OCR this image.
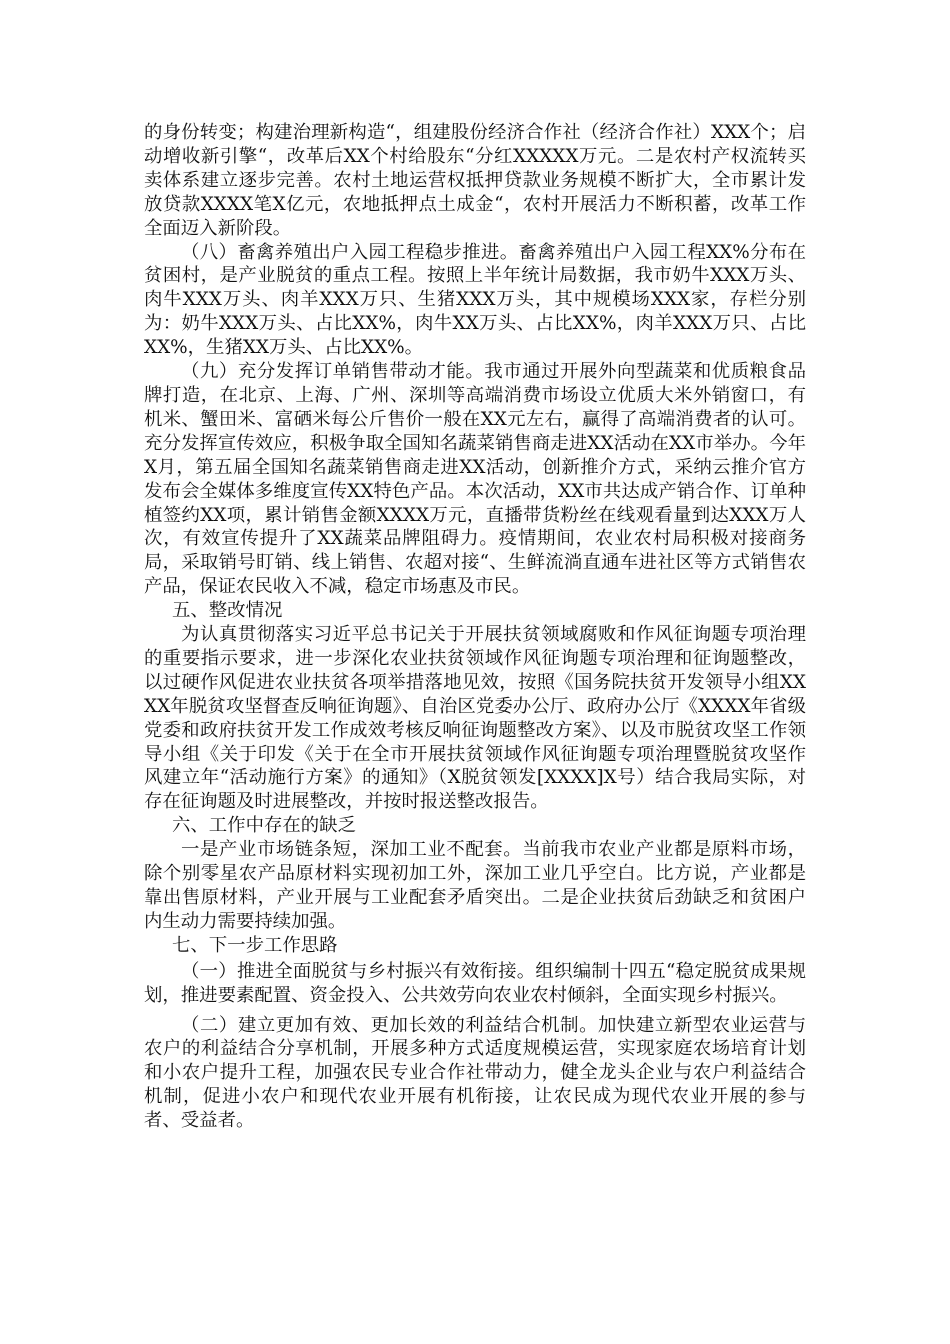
的身份转变；构建治理新构造“，组建股份经济合作社（经济合作社）XXX个；启动增收新引擎“，改革后XX个村给股东“分红XXXXX万元。二是农村产权流转买卖体系建立逐步完善。农村土地运营权抵押贷款业务规模不断扩大，全市累计发放贷款XXXX笔X亿元，农地抵押点土成金“，农村开展活力不断积蓄，改革工作全面迈入新阶段。

（八）畜禽养殖出户入园工程稳步推进。畜禽养殖出户入园工程XX%分布在贫困村，是产业脱贫的重点工程。按照上半年统计局数据，我市奶牛XXX万头、肉牛XXX万头、肉羊XXX万只、生猪XXX万头，其中规模场XXX家，存栏分别为：奶牛XXX万头、占比XX%，肉牛XX万头、占比XX%，肉羊XXX万只、占比XX%，生猪XX万头、占比XX%。

（九）充分发挥订单销售带动才能。我市通过开展外向型蔬菜和优质粮食品牌打造，在北京、上海、广州、深圳等高端消费市场设立优质大米外销窗口，有机米、蟹田米、富硒米每公斤售价一般在XX元左右，赢得了高端消费者的认可。充分发挥宣传效应，积极争取全国知名蔬菜销售商走进XX活动在XX市举办。今年X月，第五届全国知名蔬菜销售商走进XX活动，创新推介方式，采纳云推介官方发布会全媒体多维度宣传XX特色产品。本次活动，XX市共达成产销合作、订单种植签约XX项，累计销售金额XXXX万元，直播带货粉丝在线观看量到达XXX万人次，有效宣传提升了XX蔬菜品牌阻碍力。疫情期间，农业农村局积极对接商务局，采取销号盯销、线上销售、农超对接“、生鲜流淌直通车进社区等方式销售农产品，保证农民收入不减，稳定市场惠及市民。

五、整改情况

为认真贯彻落实习近平总书记关于开展扶贫领域腐败和作风征询题专项治理的重要指示要求，进一步深化农业扶贫领域作风征询题专项治理和征询题整改，以过硬作风促进农业扶贫各项举措落地见效，按照《国务院扶贫开发领导小组XXXX年脱贫攻坚督查反响征询题》、自治区党委办公厅、政府办公厅《XXXX年省级党委和政府扶贫开发工作成效考核反响征询题整改方案》、以及市脱贫攻坚工作领导小组《关于印发《关于在全市开展扶贫领域作风征询题专项治理暨脱贫攻坚作风建立年“活动施行方案》的通知》（X脱贫领发[XXXX]X号）结合我局实际，对存在征询题及时进展整改，并按时报送整改报告。

六、工作中存在的缺乏

一是产业市场链条短，深加工业不配套。当前我市农业产业都是原料市场，除个别零星农产品原材料实现初加工外，深加工业几乎空白。比方说，产业都是靠出售原材料，产业开展与工业配套矛盾突出。二是企业扶贫后劲缺乏和贫困户内生动力需要持续加强。

七、下一步工作思路

（一）推进全面脱贫与乡村振兴有效衔接。组织编制十四五“稳定脱贫成果规划，推进要素配置、资金投入、公共效劳向农业农村倾斜，全面实现乡村振兴。

（二）建立更加有效、更加长效的利益结合机制。加快建立新型农业运营与农户的利益结合分享机制，开展多种方式适度规模运营，实现家庭农场培育计划和小农户提升工程，加强农民专业合作社带动力，健全龙头企业与农户利益结合机制，促进小农户和现代农业开展有机衔接，让农民成为现代农业开展的参与者、受益者。
